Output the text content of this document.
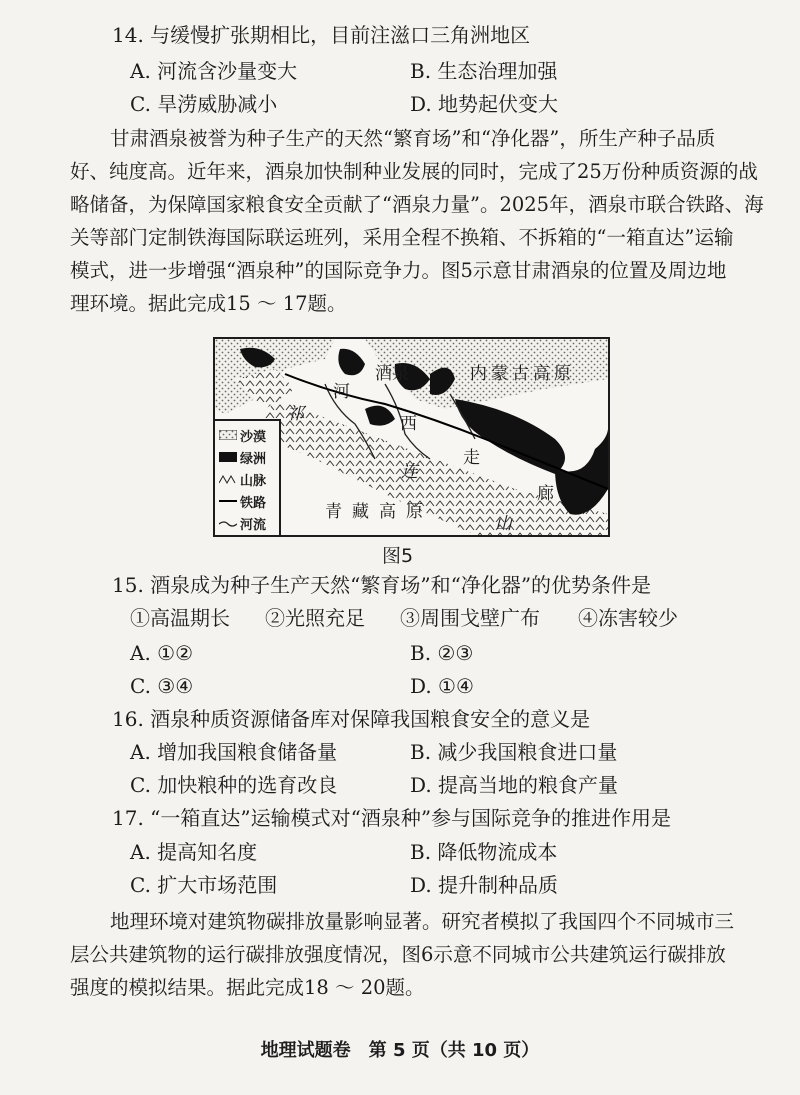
14. 与缓慢扩张期相比，目前注滋口三角洲地区
A. 河流含沙量变大	B. 生态治理加强
C. 旱涝威胁减小	D. 地势起伏变大
甘肃酒泉被誉为种子生产的天然“繁育场”和“净化器”，所生产种子品质
好、纯度高。近年来，酒泉加快制种业发展的同时，完成了25万份种质资源的战
略储备，为保障国家粮食安全贡献了“酒泉力量”。2025年，酒泉市联合铁路、海
关等部门定制铁海国际联运班列，采用全程不换箱、不拆箱的“一箱直达”运输
模式，进一步增强“酒泉种”的国际竞争力。图5示意甘肃酒泉的位置及周边地
理环境。据此完成15 ～ 17题。
酒泉	内蒙古高原
青藏高原
河
西
走
廊
祁
连
山
沙漠
绿洲
山脉
铁路
河流
图5
15. 酒泉成为种子生产天然“繁育场”和“净化器”的优势条件是
①高温期长 ②光照充足 ③周围戈壁广布 ④冻害较少
A. ①②	B. ②③
C. ③④	D. ①④
16. 酒泉种质资源储备库对保障我国粮食安全的意义是
A. 增加我国粮食储备量	B. 减少我国粮食进口量
C. 加快粮种的选育改良	D. 提高当地的粮食产量
17. “一箱直达”运输模式对“酒泉种”参与国际竞争的推进作用是
A. 提高知名度	B. 降低物流成本
C. 扩大市场范围	D. 提升制种品质
地理环境对建筑物碳排放量影响显著。研究者模拟了我国四个不同城市三
层公共建筑物的运行碳排放强度情况，图6示意不同城市公共建筑运行碳排放
强度的模拟结果。据此完成18 ～ 20题。
地理试题卷　第 5 页（共 10 页）
